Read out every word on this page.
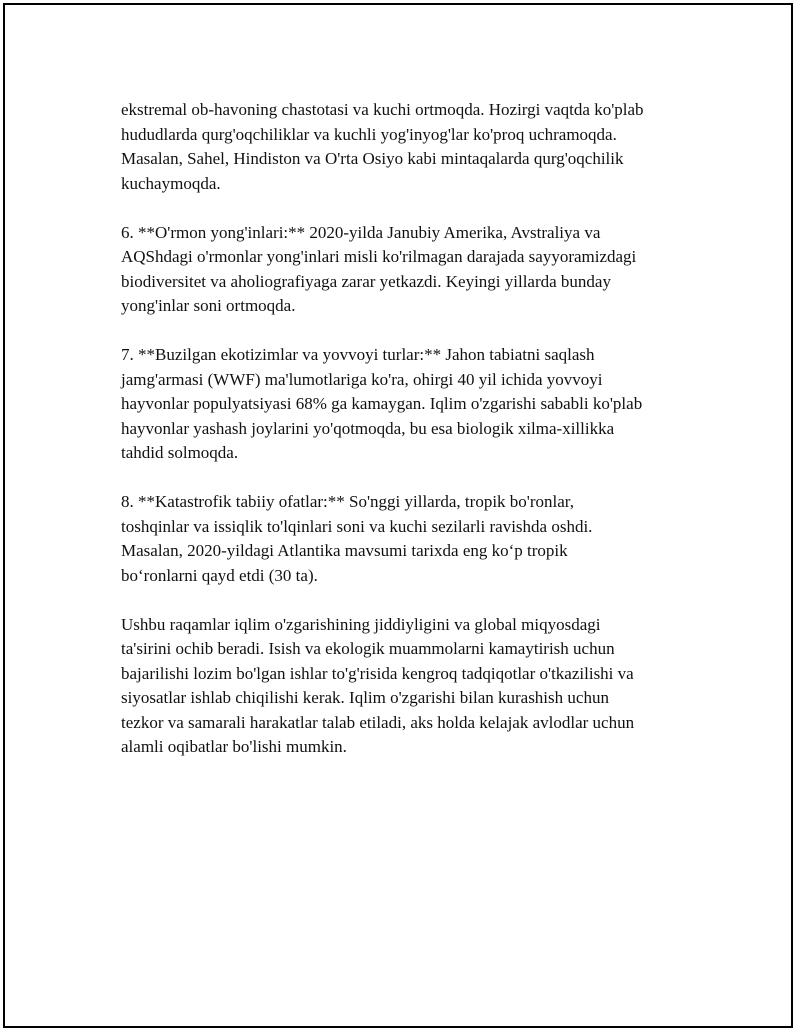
ekstremal ob-havoning chastotasi va kuchi ortmoqda. Hozirgi vaqtda ko'plab
hududlarda qurg'oqchiliklar va kuchli yog'inyog'lar ko'proq uchramoqda.
Masalan, Sahel, Hindiston va O'rta Osiyo kabi mintaqalarda qurg'oqchilik
kuchaymoqda.

6. **O'rmon yong'inlari:** 2020-yilda Janubiy Amerika, Avstraliya va
AQShdagi o'rmonlar yong'inlari misli ko'rilmagan darajada sayyoramizdagi
biodiversitet va aholiografiyaga zarar yetkazdi. Keyingi yillarda bunday
yong'inlar soni ortmoqda.

7. **Buzilgan ekotizimlar va yovvoyi turlar:** Jahon tabiatni saqlash
jamg'armasi (WWF) ma'lumotlariga ko'ra, ohirgi 40 yil ichida yovvoyi
hayvonlar populyatsiyasi 68% ga kamaygan. Iqlim o'zgarishi sababli ko'plab
hayvonlar yashash joylarini yo'qotmoqda, bu esa biologik xilma-xillikka
tahdid solmoqda.

8. **Katastrofik tabiiy ofatlar:** So'nggi yillarda, tropik bo'ronlar,
toshqinlar va issiqlik to'lqinlari soni va kuchi sezilarli ravishda oshdi.
Masalan, 2020-yildagi Atlantika mavsumi tarixda eng ko‘p tropik
bo‘ronlarni qayd etdi (30 ta).

Ushbu raqamlar iqlim o'zgarishining jiddiyligini va global miqyosdagi
ta'sirini ochib beradi. Isish va ekologik muammolarni kamaytirish uchun
bajarilishi lozim bo'lgan ishlar to'g'risida kengroq tadqiqotlar o'tkazilishi va
siyosatlar ishlab chiqilishi kerak. Iqlim o'zgarishi bilan kurashish uchun
tezkor va samarali harakatlar talab etiladi, aks holda kelajak avlodlar uchun
alamli oqibatlar bo'lishi mumkin.
